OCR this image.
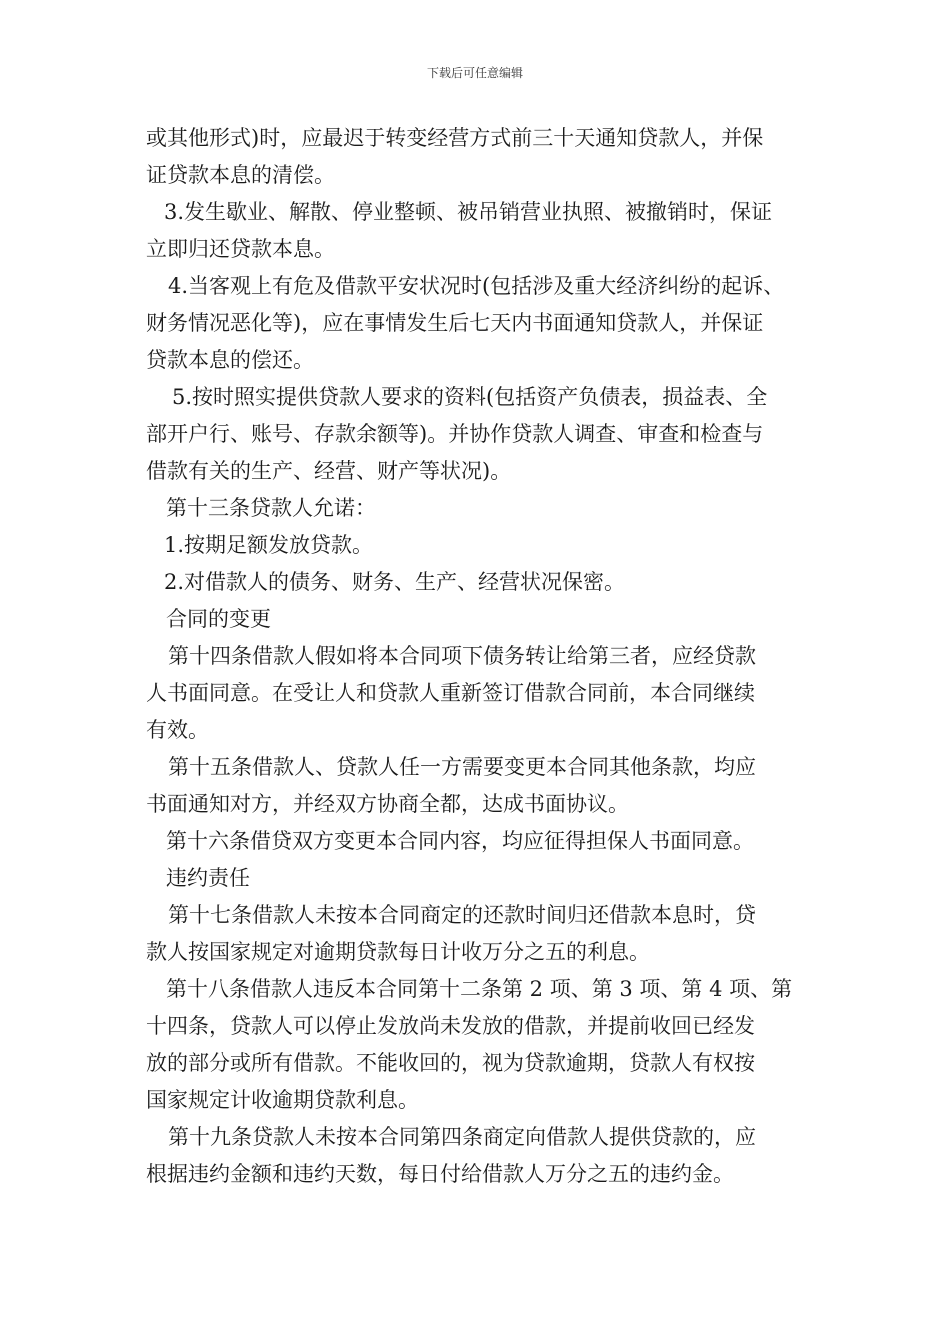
下载后可任意编辑

或其他形式)时，应最迟于转变经营方式前三十天通知贷款人，并保

证贷款本息的清偿。

3.发生歇业、解散、停业整顿、被吊销营业执照、被撤销时，保证

立即归还贷款本息。

4.当客观上有危及借款平安状况时(包括涉及重大经济纠纷的起诉、

财务情况恶化等)，应在事情发生后七天内书面通知贷款人，并保证

贷款本息的偿还。

5.按时照实提供贷款人要求的资料(包括资产负债表，损益表、全

部开户行、账号、存款余额等)。并协作贷款人调查、审查和检查与

借款有关的生产、经营、财产等状况)。

第十三条贷款人允诺：

1.按期足额发放贷款。

2.对借款人的债务、财务、生产、经营状况保密。

合同的变更

第十四条借款人假如将本合同项下债务转让给第三者，应经贷款

人书面同意。在受让人和贷款人重新签订借款合同前，本合同继续

有效。

第十五条借款人、贷款人任一方需要变更本合同其他条款，均应

书面通知对方，并经双方协商全都，达成书面协议。

第十六条借贷双方变更本合同内容，均应征得担保人书面同意。

违约责任

第十七条借款人未按本合同商定的还款时间归还借款本息时，贷

款人按国家规定对逾期贷款每日计收万分之五的利息。

第十八条借款人违反本合同第十二条第 2 项、第 3 项、第 4 项、第

十四条，贷款人可以停止发放尚未发放的借款，并提前收回已经发

放的部分或所有借款。不能收回的，视为贷款逾期，贷款人有权按

国家规定计收逾期贷款利息。

第十九条贷款人未按本合同第四条商定向借款人提供贷款的，应

根据违约金额和违约天数，每日付给借款人万分之五的违约金。
